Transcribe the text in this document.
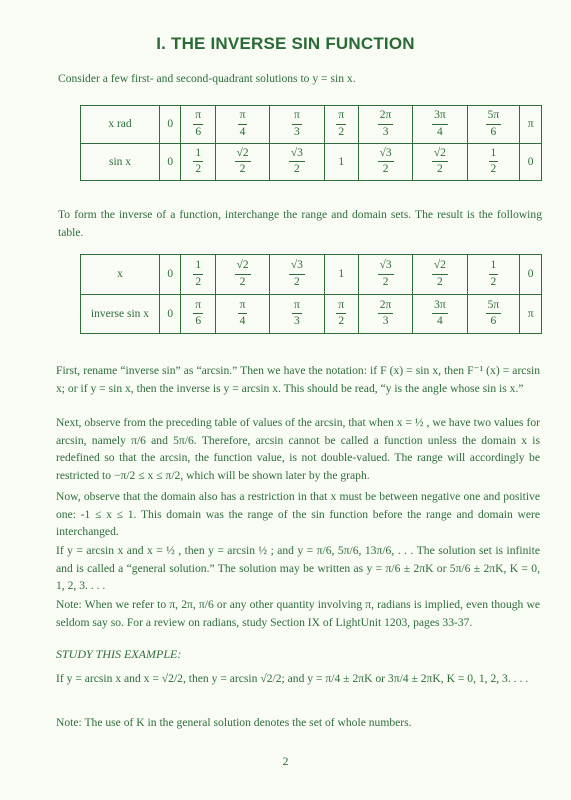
I. THE INVERSE SIN FUNCTION

Consider a few first- and second-quadrant solutions to y = sin x.

x rad	0	$\frac{\pi}{6}$	$\frac{\pi}{4}$	$\frac{\pi}{3}$	$\frac{\pi}{2}$	$\frac{2\pi}{3}$	$\frac{3\pi}{4}$	$\frac{5\pi}{6}$	π
sin x	0	$\frac{1}{2}$	$\frac{√2}{2}$	$\frac{√3}{2}$	1	$\frac{√3}{2}$	$\frac{√2}{2}$	$\frac{1}{2}$	0

To form the inverse of a function, interchange the range and domain sets. The result is the following table.

x	0	$\frac{1}{2}$	$\frac{√2}{2}$	$\frac{√3}{2}$	1	$\frac{√3}{2}$	$\frac{√2}{2}$	$\frac{1}{2}$	0
inverse sin x	0	$\frac{\pi}{6}$	$\frac{\pi}{4}$	$\frac{\pi}{3}$	$\frac{\pi}{2}$	$\frac{2\pi}{3}$	$\frac{3\pi}{4}$	$\frac{5\pi}{6}$	π

First, rename “inverse sin” as “arcsin.” Then we have the notation: if F (x) = sin x, then F⁻¹ (x) = arcsin x; or if y = sin x, then the inverse is y = arcsin x. This should be read, “y is the angle whose sin is x.”

Next, observe from the preceding table of values of the arcsin, that when x = ½ , we have two values for arcsin, namely π/6 and 5π/6. Therefore, arcsin cannot be called a function unless the domain x is redefined so that the arcsin, the function value, is not double-valued. The range will accordingly be restricted to −π/2 ≤ x ≤ π/2, which will be shown later by the graph.

Now, observe that the domain also has a restriction in that x must be between negative one and positive one: -1 ≤ x ≤ 1. This domain was the range of the sin function before the range and domain were interchanged.

If y = arcsin x and x = ½ , then y = arcsin ½ ; and y = π/6, 5π/6, 13π/6, . . . The solution set is infinite and is called a “general solution.” The solution may be written as y = π/6 ± 2πK or 5π/6 ± 2πK, K = 0, 1, 2, 3. . . .

Note: When we refer to π, 2π, π/6 or any other quantity involving π, radians is implied, even though we seldom say so. For a review on radians, study Section IX of LightUnit 1203, pages 33-37.

STUDY THIS EXAMPLE:

If y = arcsin x and x = √2/2, then y = arcsin √2/2; and y = π/4 ± 2πK or 3π/4 ± 2πK, K = 0, 1, 2, 3. . . .

Note: The use of K in the general solution denotes the set of whole numbers.

2
